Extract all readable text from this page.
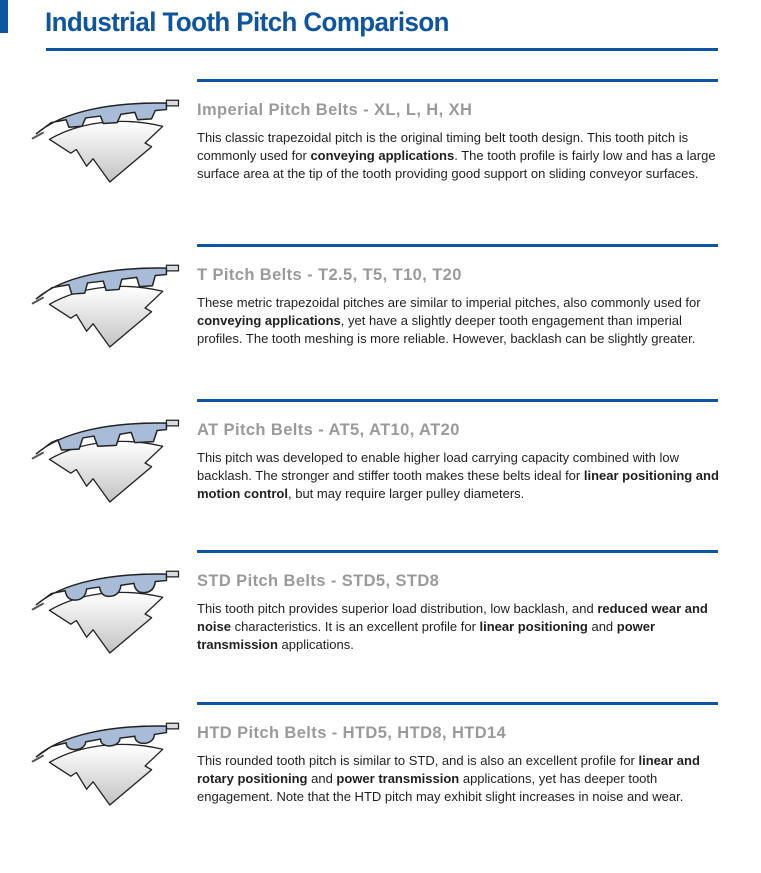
Industrial Tooth Pitch Comparison
Imperial Pitch Belts - XL, L, H, XH

This classic trapezoidal pitch is the original timing belt tooth design. This tooth pitch is commonly used for conveying applications. The tooth profile is fairly low and has a large surface area at the tip of the tooth providing good support on sliding conveyor surfaces.

T Pitch Belts - T2.5, T5, T10, T20

These metric trapezoidal pitches are similar to imperial pitches, also commonly used for conveying applications, yet have a slightly deeper tooth engagement than imperial profiles. The tooth meshing is more reliable. However, backlash can be slightly greater.

AT Pitch Belts - AT5, AT10, AT20

This pitch was developed to enable higher load carrying capacity combined with low backlash. The stronger and stiffer tooth makes these belts ideal for linear positioning and motion control, but may require larger pulley diameters.

STD Pitch Belts - STD5, STD8

This tooth pitch provides superior load distribution, low backlash, and reduced wear and noise characteristics. It is an excellent profile for linear positioning and power transmission applications.

HTD Pitch Belts - HTD5, HTD8, HTD14

This rounded tooth pitch is similar to STD, and is also an excellent profile for linear and rotary positioning and power transmission applications, yet has deeper tooth engagement. Note that the HTD pitch may exhibit slight increases in noise and wear.
